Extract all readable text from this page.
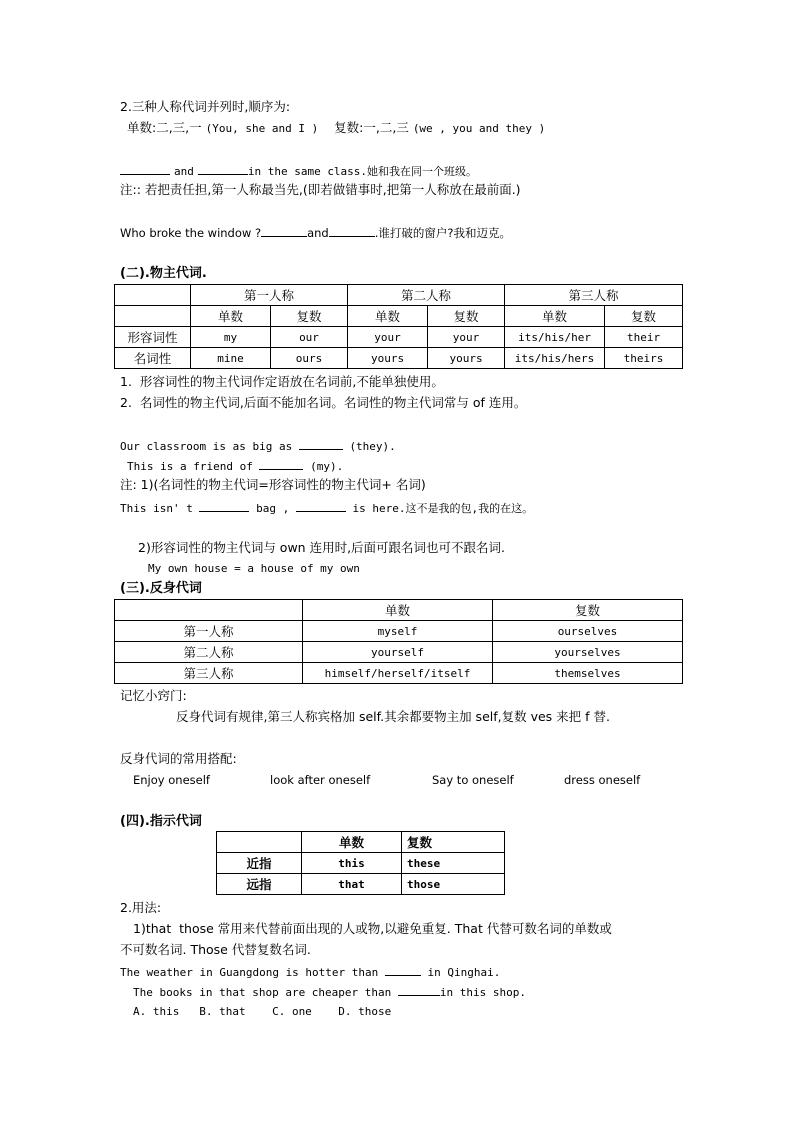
2.三种人称代词并列时,顺序为:
单数:二,三,一 (You, she and I ) 复数:一,二,三 (we , you and they )
and	in the same class.她和我在同一个班级。
注:: 若把责任担,第一人称最当先,(即若做错事时,把第一人称放在最前面.)
Who broke the window ?	and	.谁打破的窗户?我和迈克。
(二).物主代词.
	第一人称		第二人称		第三人称	
	单数	复数	单数	复数	单数	复数
形容词性	my	our	your	your	its/his/her	their
名词性	mine	ours	yours	yours	its/his/hers	theirs
1.  形容词性的物主代词作定语放在名词前,不能单独使用。
2.  名词性的物主代词,后面不能加名词。名词性的物主代词常与 of 连用。
Our classroom is as big as	(they).
This is a friend of	(my).
注: 1)(名词性的物主代词=形容词性的物主代词+ 名词)
This isn' t	bag ,	is here.这不是我的包,我的在这。
2)形容词性的物主代词与 own 连用时,后面可跟名词也可不跟名词.
My own house = a house of my own
(三).反身代词
	单数	复数
第一人称	myself	ourselves
第二人称	yourself	yourselves
第三人称	himself/herself/itself	themselves
记忆小窍门:
反身代词有规律,第三人称宾格加 self.其余都要物主加 self,复数 ves 来把 f 替.
反身代词的常用搭配:
Enjoy oneself	look after oneself	Say to oneself	dress oneself
(四).指示代词
	单数	复数
近指	this	these
远指	that	those
2.用法:
1)that  those 常用来代替前面出现的人或物,以避免重复. That 代替可数名词的单数或
不可数名词. Those 代替复数名词.
The weather in Guangdong is hotter than	in Qinghai.
The books in that shop are cheaper than	in this shop.
A. this   B. that    C. one    D. those
